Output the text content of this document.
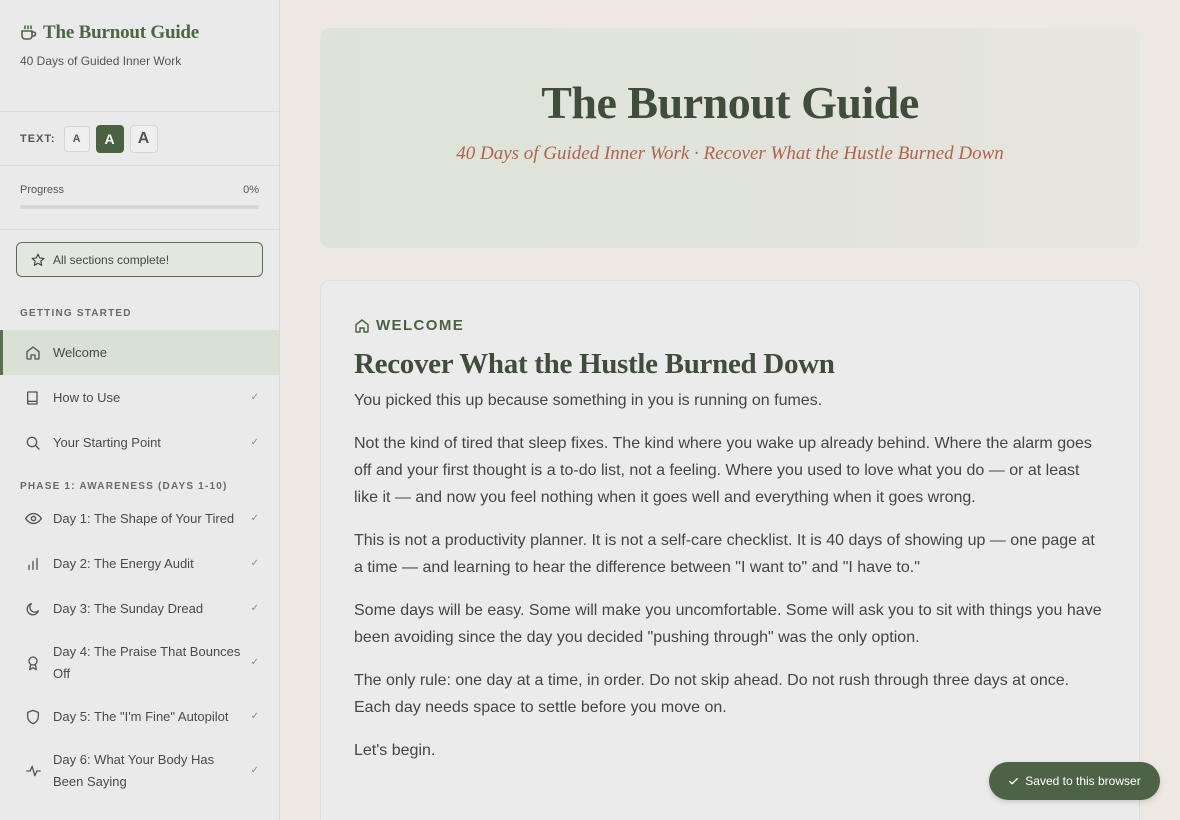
The Burnout Guide
40 Days of Guided Inner Work
TEXT:	A	A	A
Progress	0%
All sections complete!
GETTING STARTED
Welcome
How to Use	✓
Your Starting Point	✓
PHASE 1: AWARENESS (DAYS 1-10)
Day 1: The Shape of Your Tired	✓
Day 2: The Energy Audit	✓
Day 3: The Sunday Dread	✓
Day 4: The Praise That Bounces Off
✓
Day 5: The "I'm Fine" Autopilot	✓
Day 6: What Your Body Has Been Saying
✓
The Burnout Guide
40 Days of Guided Inner Work · Recover What the Hustle Burned Down
WELCOME
Recover What the Hustle Burned Down

You picked this up because something in you is running on fumes.

Not the kind of tired that sleep fixes. The kind where you wake up already behind. Where the alarm goes off and your first thought is a to-do list, not a feeling. Where you used to love what you do — or at least like it — and now you feel nothing when it goes well and everything when it goes wrong.

This is not a productivity planner. It is not a self-care checklist. It is 40 days of showing up — one page at a time — and learning to hear the difference between "I want to" and "I have to."

Some days will be easy. Some will make you uncomfortable. Some will ask you to sit with things you have been avoiding since the day you decided "pushing through" was the only option.

The only rule: one day at a time, in order. Do not skip ahead. Do not rush through three days at once. Each day needs space to settle before you move on.

Let's begin.

Saved to this browser
